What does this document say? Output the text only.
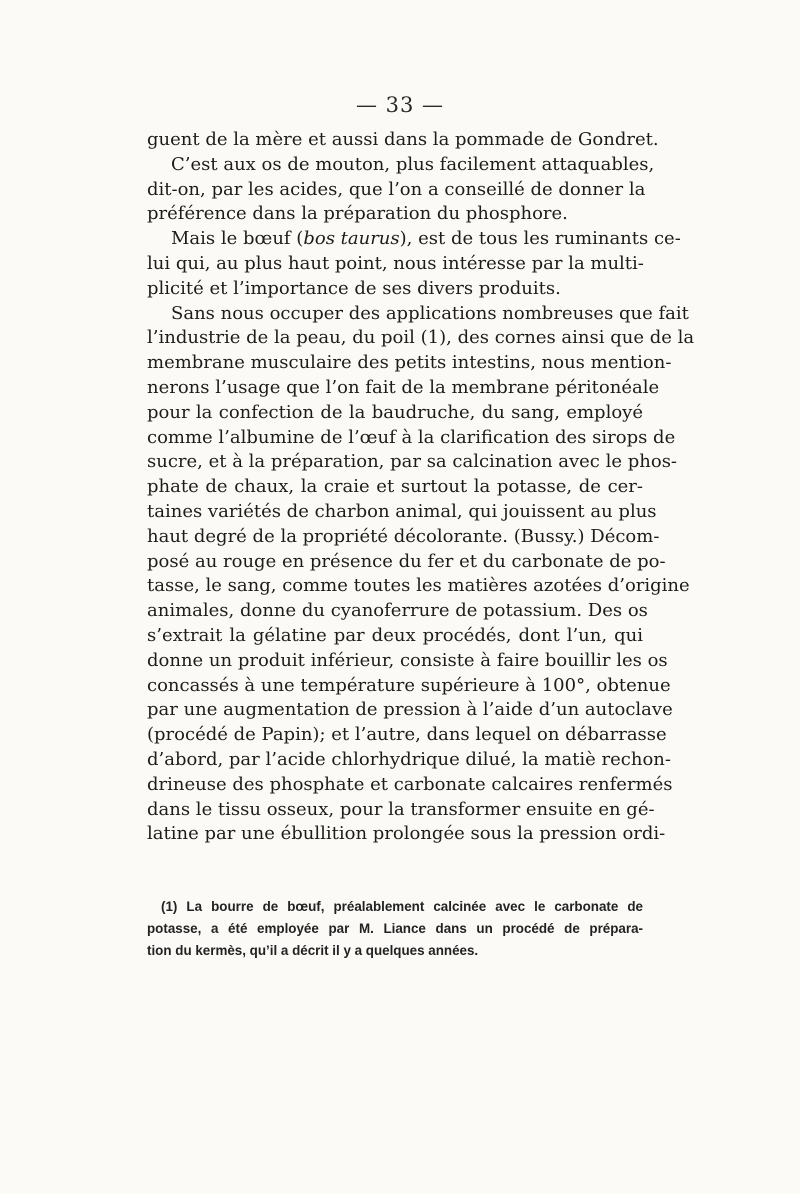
— 33 —
guent de la mère et aussi dans la pommade de Gondret.
C’est aux os de mouton, plus facilement attaquables,
dit-on, par les acides, que l’on a conseillé de donner la
préférence dans la préparation du phosphore.
Mais le bœuf (bos taurus), est de tous les ruminants ce-
lui qui, au plus haut point, nous intéresse par la multi-
plicité et l’importance de ses divers produits.
Sans nous occuper des applications nombreuses que fait
l’industrie de la peau, du poil (1), des cornes ainsi que de la
membrane musculaire des petits intestins, nous mention-
nerons l’usage que l’on fait de la membrane péritonéale
pour la confection de la baudruche, du sang, employé
comme l’albumine de l’œuf à la clarification des sirops de
sucre, et à la préparation, par sa calcination avec le phos-
phate de chaux, la craie et surtout la potasse, de cer-
taines variétés de charbon animal, qui jouissent au plus
haut degré de la propriété décolorante. (Bussy.) Décom-
posé au rouge en présence du fer et du carbonate de po-
tasse, le sang, comme toutes les matières azotées d’origine
animales, donne du cyanoferrure de potassium. Des os
s’extrait la gélatine par deux procédés, dont l’un, qui
donne un produit inférieur, consiste à faire bouillir les os
concassés à une température supérieure à 100°, obtenue
par une augmentation de pression à l’aide d’un autoclave
(procédé de Papin); et l’autre, dans lequel on débarrasse
d’abord, par l’acide chlorhydrique dilué, la matiè rechon-
drineuse des phosphate et carbonate calcaires renfermés
dans le tissu osseux, pour la transformer ensuite en gé-
latine par une ébullition prolongée sous la pression ordi-
(1) La bourre de bœuf, préalablement calcinée avec le carbonate de
potasse, a été employée par M. Liance dans un procédé de prépara-
tion du kermès, qu’il a décrit il y a quelques années.
